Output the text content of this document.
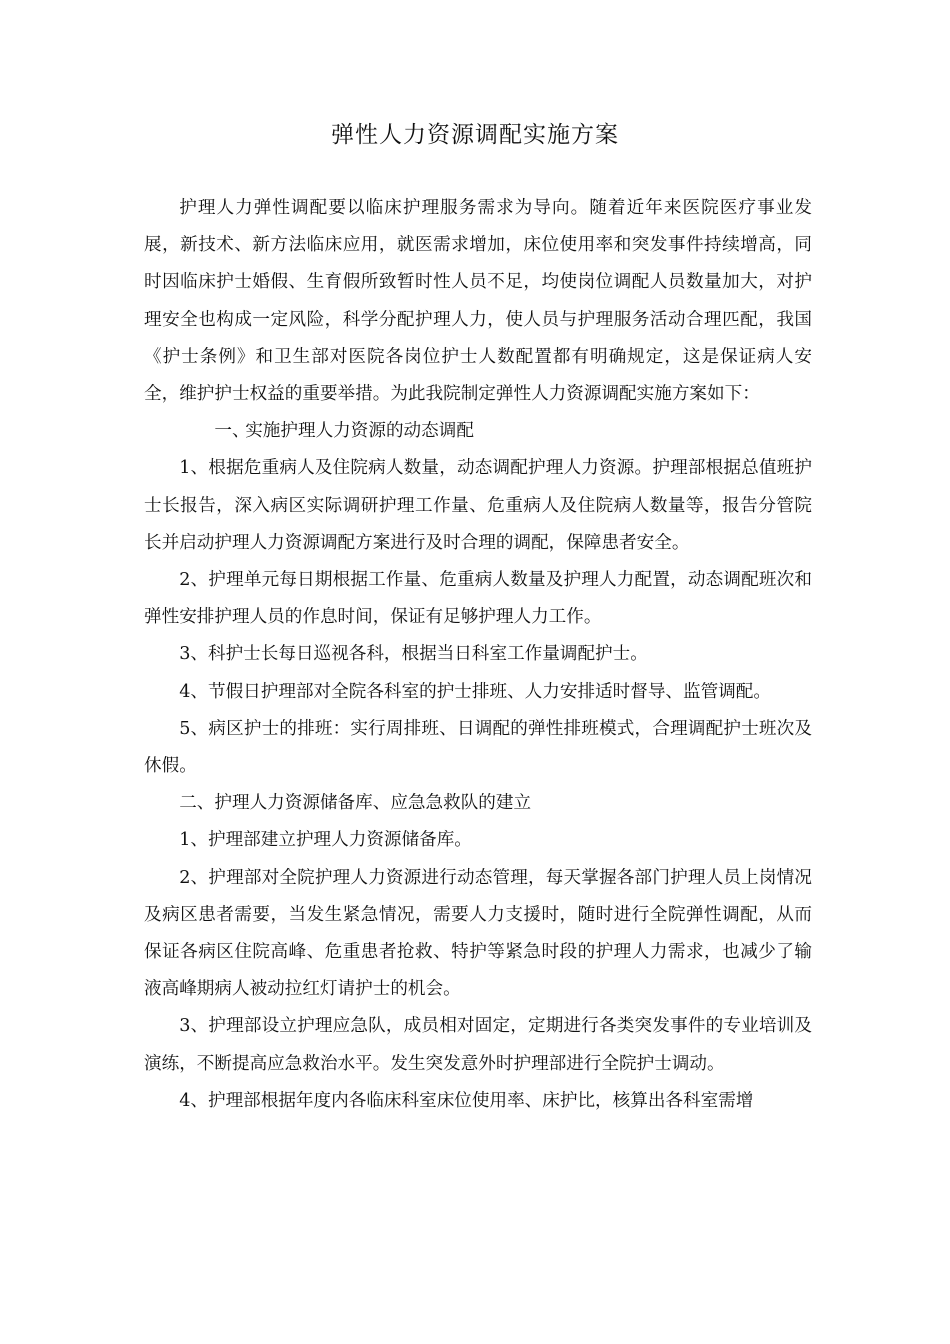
弹性人力资源调配实施方案

护理人力弹性调配要以临床护理服务需求为导向。随着近年来医院医疗事业发展，新技术、新方法临床应用，就医需求增加，床位使用率和突发事件持续增高，同时因临床护士婚假、生育假所致暂时性人员不足，均使岗位调配人员数量加大，对护理安全也构成一定风险，科学分配护理人力，使人员与护理服务活动合理匹配，我国《护士条例》和卫生部对医院各岗位护士人数配置都有明确规定，这是保证病人安全，维护护士权益的重要举措。为此我院制定弹性人力资源调配实施方案如下：

一、实施护理人力资源的动态调配

1、根据危重病人及住院病人数量，动态调配护理人力资源。护理部根据总值班护士长报告，深入病区实际调研护理工作量、危重病人及住院病人数量等，报告分管院长并启动护理人力资源调配方案进行及时合理的调配，保障患者安全。

2、护理单元每日期根据工作量、危重病人数量及护理人力配置，动态调配班次和弹性安排护理人员的作息时间，保证有足够护理人力工作。

3、科护士长每日巡视各科，根据当日科室工作量调配护士。

4、节假日护理部对全院各科室的护士排班、人力安排适时督导、监管调配。

5、病区护士的排班：实行周排班、日调配的弹性排班模式，合理调配护士班次及休假。

二、护理人力资源储备库、应急急救队的建立

1、护理部建立护理人力资源储备库。

2、护理部对全院护理人力资源进行动态管理，每天掌握各部门护理人员上岗情况及病区患者需要，当发生紧急情况，需要人力支援时，随时进行全院弹性调配，从而保证各病区住院高峰、危重患者抢救、特护等紧急时段的护理人力需求，也减少了输液高峰期病人被动拉红灯请护士的机会。

3、护理部设立护理应急队，成员相对固定，定期进行各类突发事件的专业培训及演练，不断提高应急救治水平。发生突发意外时护理部进行全院护士调动。

4、护理部根据年度内各临床科室床位使用率、床护比，核算出各科室需增
